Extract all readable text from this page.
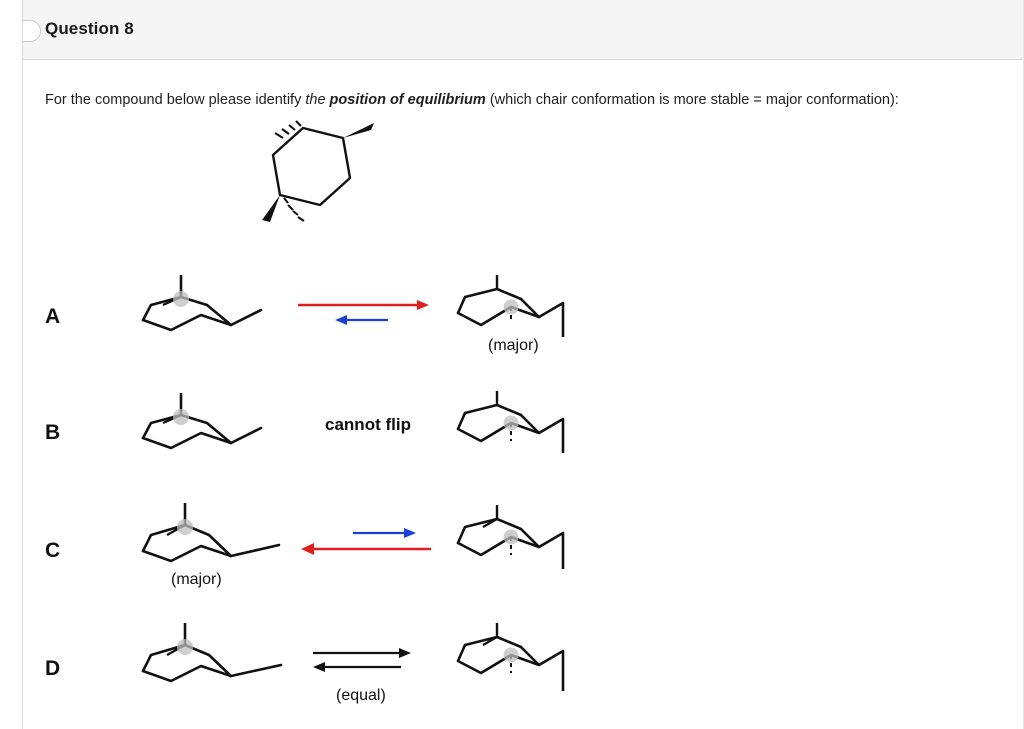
Question 8
For the compound below please identify the position of equilibrium (which chair conformation is more stable = major conformation):
A
(major)
B	cannot flip
C
(major)
D
(equal)
